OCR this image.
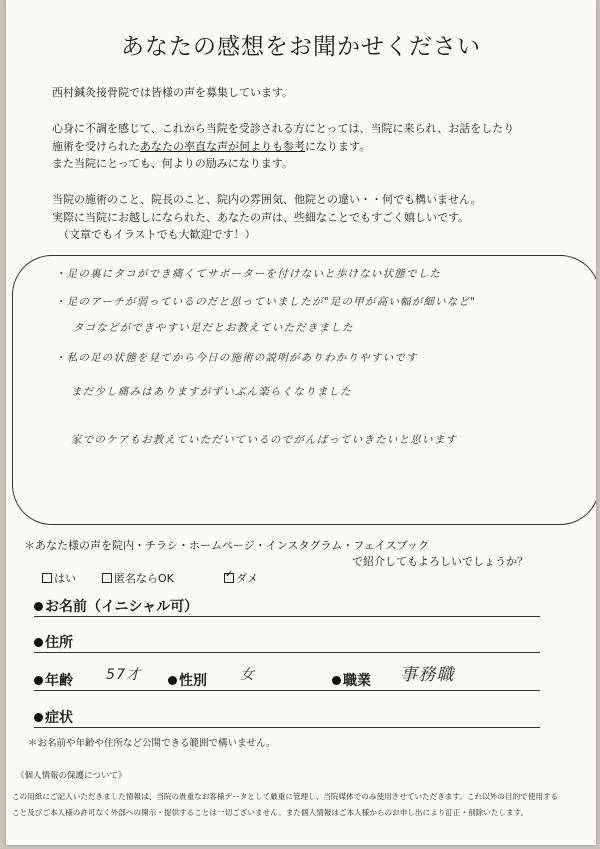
あなたの感想をお聞かせください
西村鍼灸接骨院では皆様の声を募集しています。
心身に不調を感じて、これから当院を受診される方にとっては、当院に来られ、お話をしたり
施術を受けられたあなたの率直な声が何よりも参考になります。
また当院にとっても、何よりの励みになります。
当院の施術のこと、院長のこと、院内の雰囲気、他院との違い・・何でも構いません。
実際に当院にお越しになられた、あなたの声は、些細なことでもすごく嬉しいです。
（文章でもイラストでも大歓迎です！）
・足の裏にタコができ痛くてサポーターを付けないと歩けない状態でした
・足のアーチが弱っているのだと思っていましたが"足の甲が高い幅が細いなど"
タコなどができやすい足だとお教えていただきました
・私の足の状態を見てから今日の施術の説明がありわかりやすいです
まだ少し痛みはありますがずいぶん楽らくなりました
家でのケアもお教えていただいているのでがんばっていきたいと思います
＊あなた様の声を院内・チラシ・ホームページ・インスタグラム・フェイスブック
で紹介してもよろしいでしょうか？
はい	匿名ならOK	✓ ダメ
お名前（イニシャル可）
住所
年齢 57才	性別 女	職業 事務職
症状
＊お名前や年齢や住所など公開できる範囲で構いません。
《個人情報の保護について》
この用紙にご記入いただきました情報は、当院の貴重なお客様データとして厳重に管理し、当院媒体でのみ使用させていただきます。これ以外の目的で使用する
こと及びご本人様の許可なく外部への開示・提供することは一切ございません。また個人情報はご本人様からのお申し出により訂正・削除いたします。
